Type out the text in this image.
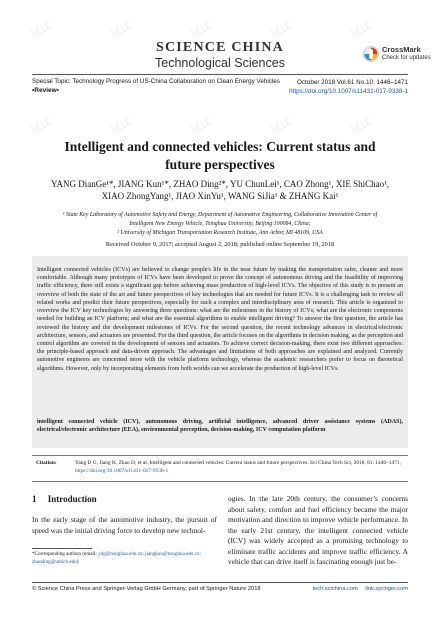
试读	试读	试读	试读	试读
试读	试读	试读	试读	试读
SCIENCE CHINA
Technological Sciences
CrossMark
Check for updates
Special Topic: Technology Progress of US-China Collaboration on Clean Energy Vehicles
•Review•
October 2018 Vol.61 No.10: 1446–1471
https://doi.org/10.1007/s11431-017-9338-1
Intelligent and connected vehicles: Current status and
future perspectives
YANG DianGe¹*, JIANG Kun¹*, ZHAO Ding²*, YU ChunLei¹, CAO Zhong¹, XIE ShiChao¹,
XIAO ZhongYang¹, JIAO XinYu¹, WANG SiJia¹ & ZHANG Kai¹
¹ State Key Laboratory of Automotive Safety and Energy, Department of Automotive Engineering, Collaborative Innovation Center of
Intelligent New Energy Vehicle, Tsinghua University, Beijing 100084, China;
² University of Michigan Transportation Research Institute, Ann Arbor, MI 48109, USA
Received October 9, 2017; accepted August 2, 2018; published online September 19, 2018
Intelligent connected vehicles (ICVs) are believed to change people's life in the near future by making the transportation safer, cleaner and more comfortable. Although many prototypes of ICVs have been developed to prove the concept of autonomous driving and the feasibility of improving traffic efficiency, there still exists a significant gap before achieving mass production of high-level ICVs. The objective of this study is to present an overview of both the state of the art and future perspectives of key technologies that are needed for future ICVs. It is a challenging task to review all related works and predict their future perspectives, especially for such a complex and interdisciplinary area of research. This article is organized to overview the ICV key technologies by answering three questions: what are the milestones in the history of ICVs; what are the electronic components needed for building an ICV platform; and what are the essential algorithms to enable intelligent driving? To answer the first question, the article has reviewed the history and the development milestones of ICVs. For the second question, the recent technology advances in electrical/electronic architecture, sensors, and actuators are presented. For the third question, the article focuses on the algorithms in decision making, as the perception and control algorithm are covered in the development of sensors and actuators. To achieve correct decision-making, there exist two different approaches: the principle-based approach and data-driven approach. The advantages and limitations of both approaches are explained and analyzed. Currently automotive engineers are concerned more with the vehicle platform technology, whereas the academic researchers prefer to focus on theoretical algorithms. However, only by incorporating elements from both worlds can we accelerate the production of high-level ICVs.
intelligent connected vehicle (ICV), autonomous driving, artificial intelligence, advanced driver assistance systems (ADAS), electrical/electronic architecture (EEA), environmental perception, decision-making, ICV computation platform
Citation:	Yang D G, Jiang K, Zhao D, et al. Intelligent and connected vehicles: Current status and future perspectives. Sci China Tech Sci, 2018, 61: 1446–1471, https://doi.org/10.1007/s11431-017-9338-1
1 Introduction
In the early stage of the automotive industry, the pursuit of speed was the initial driving force to develop new technol-
ogies. In the late 20th century, the consumer’s concerns about safety, comfort and fuel efficiency became the major motivation and direction to improve vehicle performance. In the early 21st century, the intelligent connected vehicle (ICV) was widely accepted as a promising technology to eliminate traffic accidents and improve traffic efficiency. A vehicle that can drive itself is fascinating enough just be-
*Corresponding authors (email: ydg@tsinghua.edu.cn; jiangkun@tsinghua.edu.cn; zhaoding@umich.edu)
© Science China Press and Springer-Verlag GmbH Germany, part of Springer Nature 2018	tech.scichina.com link.springer.com
